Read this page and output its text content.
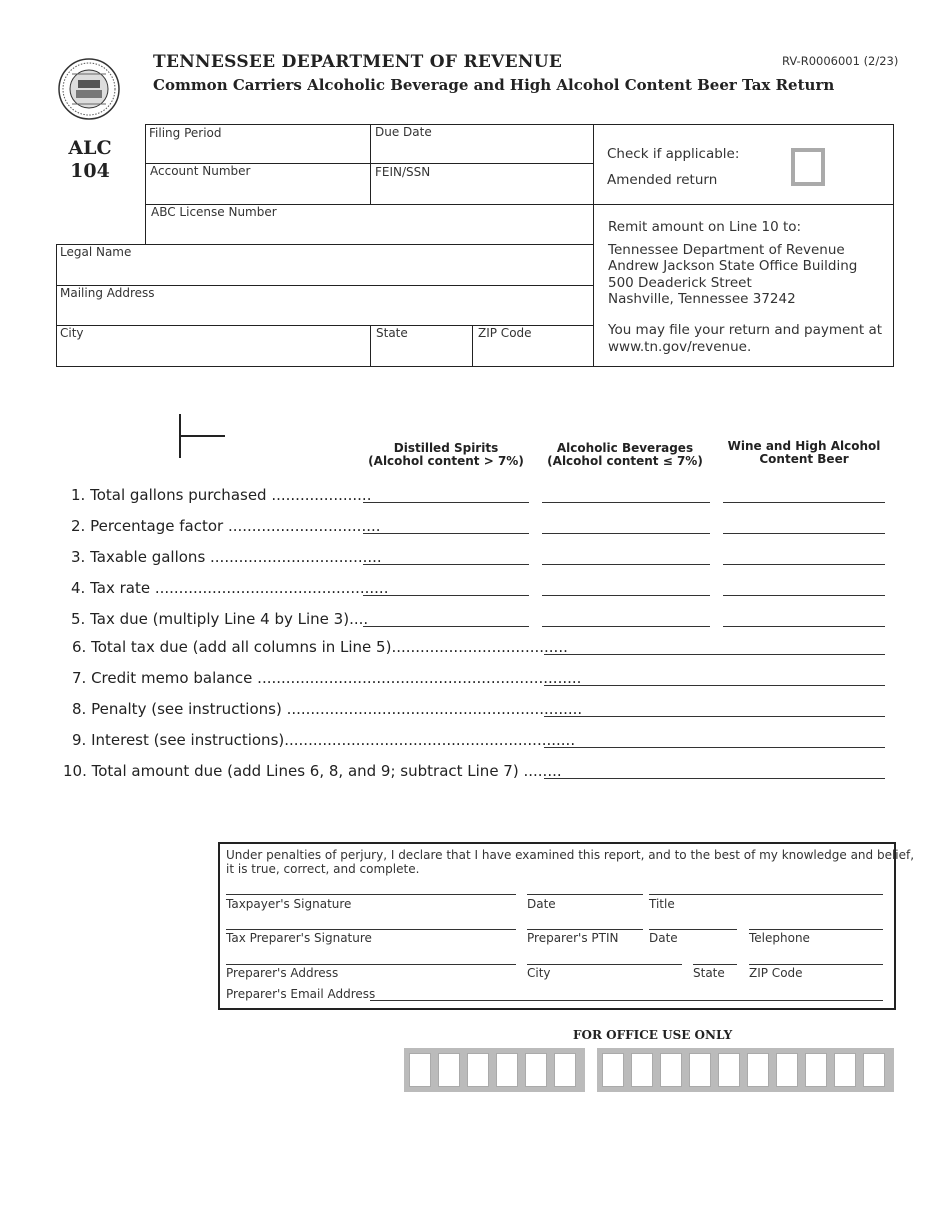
TENNESSEE DEPARTMENT OF REVENUE
Common Carriers Alcoholic Beverage and High Alcohol Content Beer Tax Return
RV-R0006001 (2/23)
ALC
104
Filing Period	Due Date
Account Number	FEIN/SSN
ABC License Number
Legal Name
Mailing Address
City	State	ZIP Code
Check if applicable:
Amended return
Remit amount on Line 10 to:
Tennessee Department of Revenue
Andrew Jackson State Office Building
500 Deaderick Street
Nashville, Tennessee 37242
You may file your return and payment at
www.tn.gov/revenue.
Distilled Spirits
(Alcohol content > 7%)
Alcoholic Beverages
(Alcohol content ≤ 7%)
Wine and High Alcohol
Content Beer
1. Total gallons purchased .....................
2. Percentage factor ................................
3. Taxable gallons ....................................
4. Tax rate .................................................
5. Tax due (multiply Line 4 by Line 3)....
6. Total tax due (add all columns in Line 5).....................................
7. Credit memo balance ....................................................................
8. Penalty (see instructions) ..............................................................
9. Interest (see instructions).............................................................
10. Total amount due (add Lines 6, 8, and 9; subtract Line 7) ........
Under penalties of perjury, I declare that I have examined this report, and to the best of my knowledge and belief,
it is true, correct, and complete.
Taxpayer's Signature	Date	Title
Tax Preparer's Signature	Preparer's PTIN	Date	Telephone
Preparer's Address	City	State ZIP Code
Preparer's Email Address
FOR OFFICE USE ONLY
